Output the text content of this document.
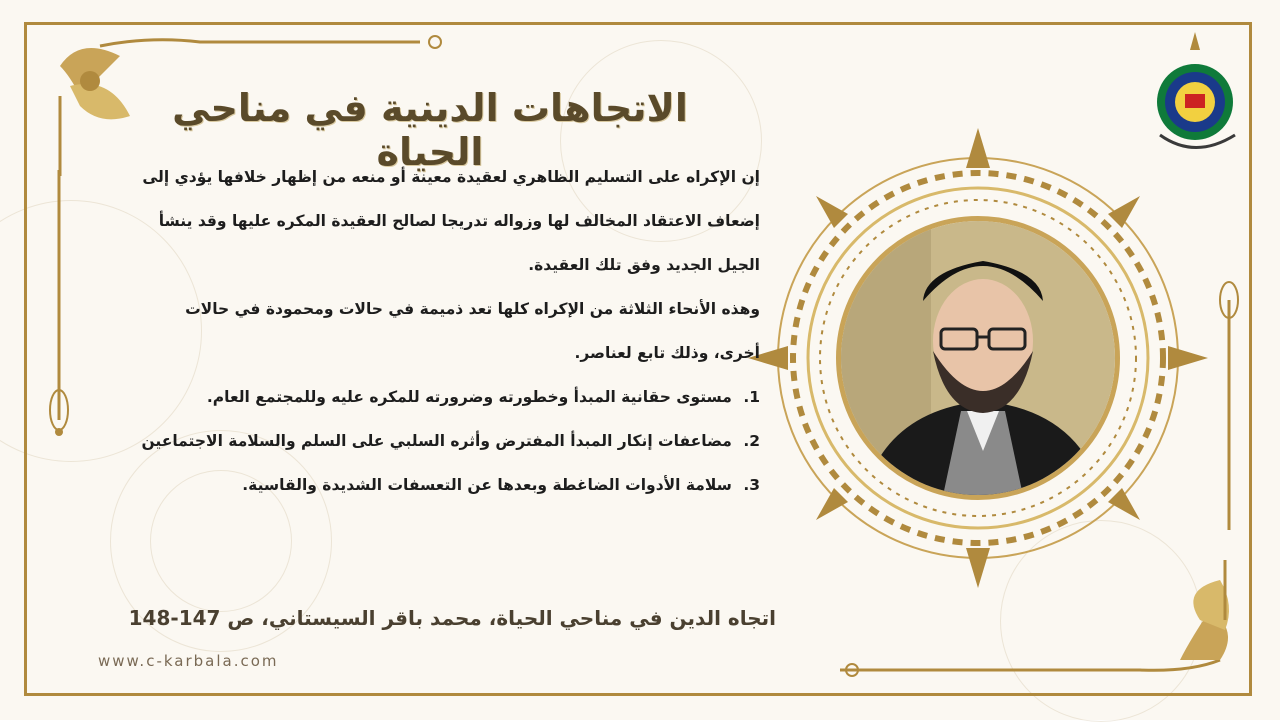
الاتجاهات الدينية في مناحي الحياة
إن الإكراه على التسليم الظاهري لعقيدة معينة أو منعه من إظهار خلافها يؤدي إلى
إضعاف الاعتقاد المخالف لها وزواله تدريجا لصالح العقيدة المكره عليها وقد ينشأ
الجيل الجديد وفق تلك العقيدة.
وهذه الأنحاء الثلاثة من الإكراه كلها تعد ذميمة في حالات ومحمودة في حالات
أخرى، وذلك تابع لعناصر.
1. مستوى حقانية المبدأ وخطورته وضرورته للمكره عليه وللمجتمع العام.
2. مضاعفات إنكار المبدأ المفترض وأثره السلبي على السلم والسلامة الاجتماعين
3. سلامة الأدوات الضاغطة وبعدها عن التعسفات الشديدة والقاسية.
اتجاه الدين في مناحي الحياة، محمد باقر السيستاني، ص 147-148
www.c-karbala.com
